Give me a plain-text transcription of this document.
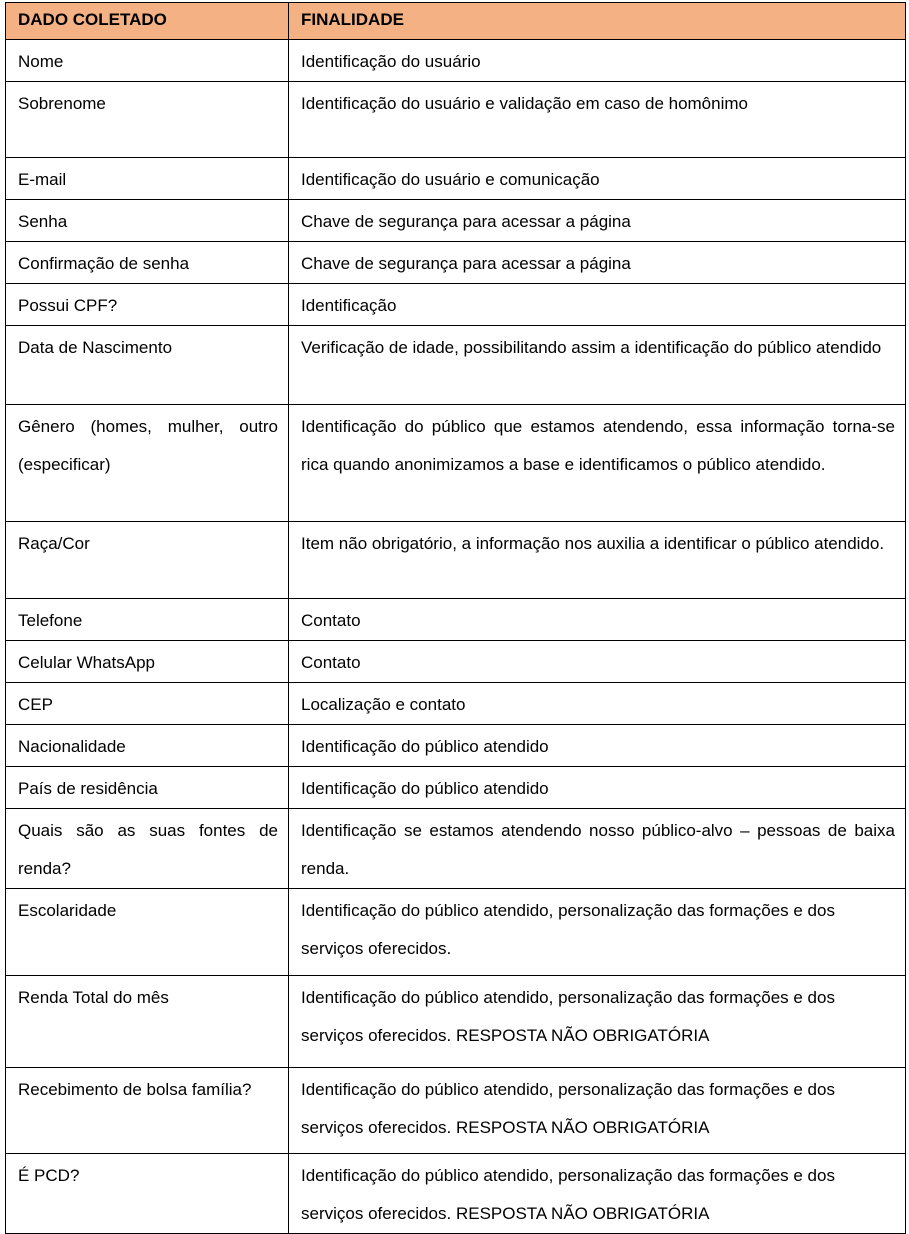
DADO COLETADO	FINALIDADE
Nome	Identificação do usuário
Sobrenome	Identificação do usuário e validação em caso de homônimo
E-mail	Identificação do usuário e comunicação
Senha	Chave de segurança para acessar a página
Confirmação de senha	Chave de segurança para acessar a página
Possui CPF?	Identificação
Data de Nascimento	Verificação de idade, possibilitando assim a identificação do público atendido
Gênero (homes, mulher, outro (especificar)	Identificação do público que estamos atendendo, essa informação torna-se rica quando anonimizamos a base e identificamos o público atendido.
Raça/Cor	Item não obrigatório, a informação nos auxilia a identificar o público atendido.
Telefone	Contato
Celular WhatsApp	Contato
CEP	Localização e contato
Nacionalidade	Identificação do público atendido
País de residência	Identificação do público atendido
Quais são as suas fontes de renda?	Identificação se estamos atendendo nosso público-alvo – pessoas de baixa renda.
Escolaridade	Identificação do público atendido, personalização das formações e dos serviços oferecidos.
Renda Total do mês	Identificação do público atendido, personalização das formações e dos serviços oferecidos. RESPOSTA NÃO OBRIGATÓRIA
Recebimento de bolsa família?	Identificação do público atendido, personalização das formações e dos serviços oferecidos. RESPOSTA NÃO OBRIGATÓRIA
É PCD?	Identificação do público atendido, personalização das formações e dos serviços oferecidos. RESPOSTA NÃO OBRIGATÓRIA
